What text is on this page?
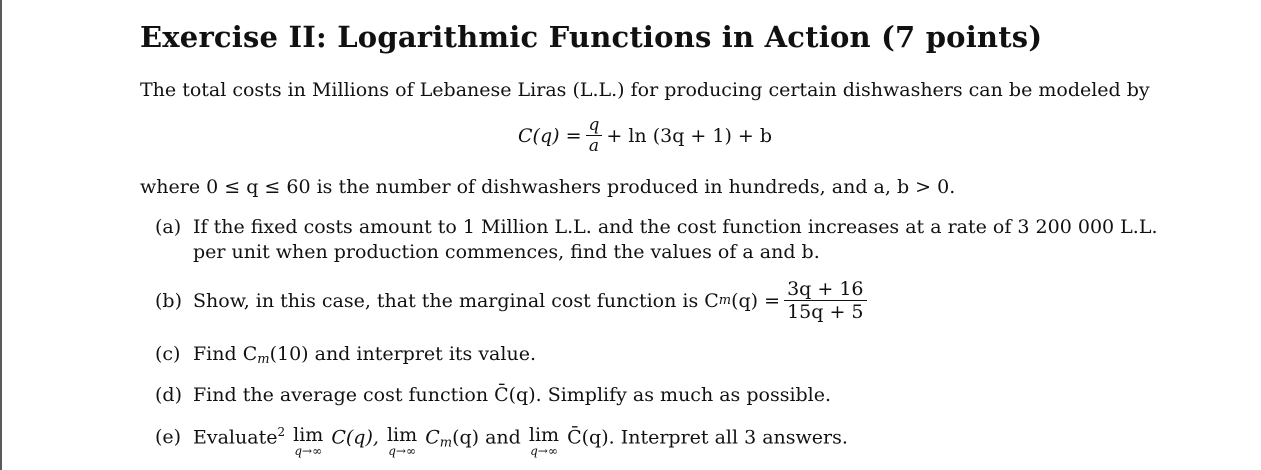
Exercise II: Logarithmic Functions in Action (7 points)
The total costs in Millions of Lebanese Liras (L.L.) for producing certain dishwashers can be modeled by
$C(q) = \frac{q}{a} + \ln (3q + 1) + b$
where 0 ≤ q ≤ 60 is the number of dishwashers produced in hundreds, and a, b > 0.
(a) If the fixed costs amount to 1 Million L.L. and the cost function increases at a rate of 3 200 000 L.L.
per unit when production commences, find the values of a and b.
(b) Show, in this case, that the marginal cost function is C m $(q) = \frac{3q + 16}{15q + 5}$
(c) Find Cm(10) and interpret its value.
(d) Find the average cost function C̄(q). Simplify as much as possible.
(e) Evaluate$^2$ lim
q→∞
C(q), lim
q→∞
Cm(q) and lim
q→∞
C̄(q). Interpret all 3 answers.
